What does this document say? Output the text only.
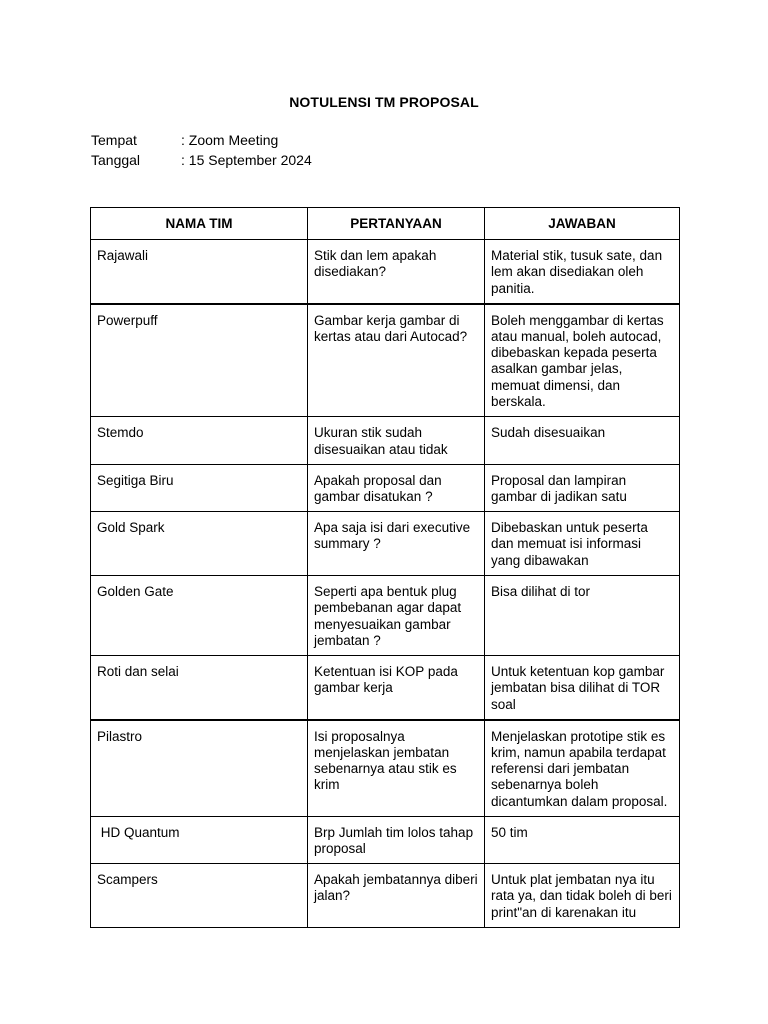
NOTULENSI TM PROPOSAL
Tempat	: Zoom Meeting
Tanggal	: 15 September 2024
NAMA TIM	PERTANYAAN	JAWABAN
Rajawali	Stik dan lem apakah disediakan?	Material stik, tusuk sate, dan lem akan disediakan oleh panitia.
Powerpuff	Gambar kerja gambar di kertas atau dari Autocad?	Boleh menggambar di kertas atau manual, boleh autocad, dibebaskan kepada peserta asalkan gambar jelas, memuat dimensi, dan berskala.
Stemdo	Ukuran stik sudah disesuaikan atau tidak	Sudah disesuaikan
Segitiga Biru	Apakah proposal dan gambar disatukan ?	Proposal dan lampiran gambar di jadikan satu
Gold Spark	Apa saja isi dari executive summary ?	Dibebaskan untuk peserta dan memuat isi informasi yang dibawakan
Golden Gate	Seperti apa bentuk plug pembebanan agar dapat menyesuaikan gambar jembatan ?	Bisa dilihat di tor
Roti dan selai	Ketentuan isi KOP pada gambar kerja	Untuk ketentuan kop gambar jembatan bisa dilihat di TOR soal
Pilastro	Isi proposalnya menjelaskan jembatan sebenarnya atau stik es krim	Menjelaskan prototipe stik es krim, namun apabila terdapat referensi dari jembatan sebenarnya boleh dicantumkan dalam proposal.
HD Quantum	Brp Jumlah tim lolos tahap proposal	50 tim
Scampers	Apakah jembatannya diberi jalan?	Untuk plat jembatan nya itu rata ya, dan tidak boleh di beri print"an di karenakan itu
